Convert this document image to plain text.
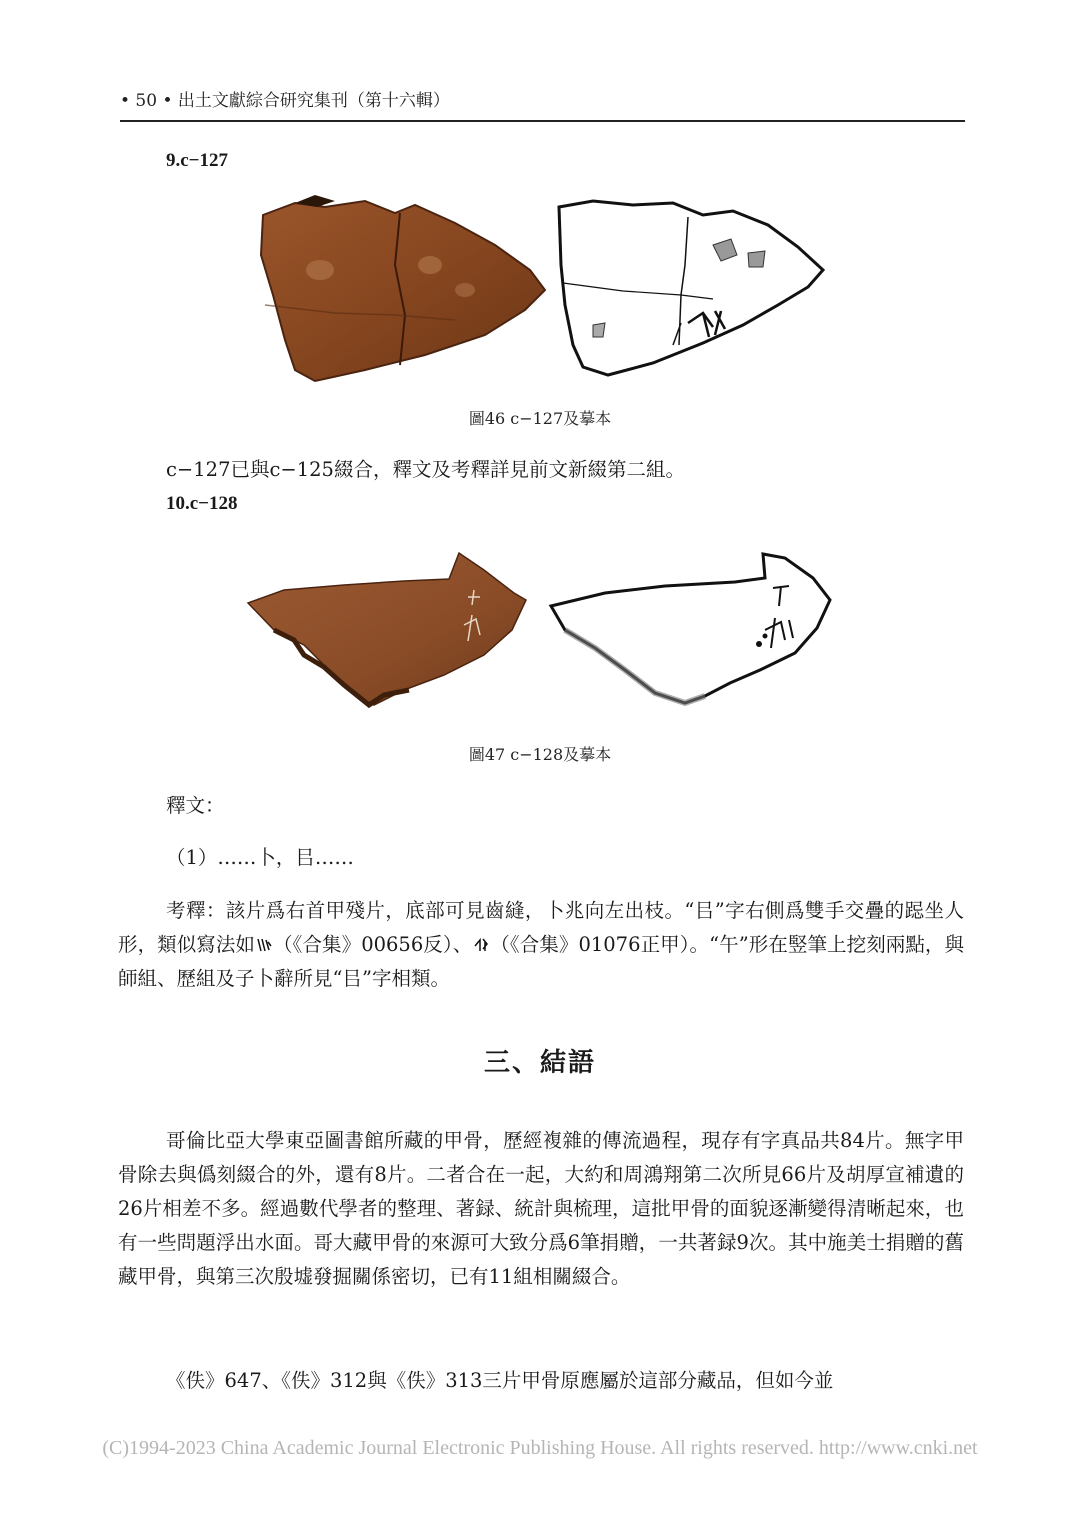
• 50 • 出土文獻綜合研究集刊（第十六輯）
9.c−127
圖46 c−127及摹本
c−127已與c−125綴合，釋文及考釋詳見前文新綴第二組。
10.c−128
圖47 c−128及摹本
釋文：
（1）……卜，㠯……
考釋：該片爲右首甲殘片，底部可見齒縫，卜兆向左出枝。“㠯”字右側爲雙手交疊的跽坐人形，類似寫法如 （《合集》00656反）、 （《合集》01076正甲）。“午”形在竪筆上挖刻兩點，與師組、歷組及子卜辭所見“㠯”字相類。
三、結語
哥倫比亞大學東亞圖書館所藏的甲骨，歷經複雜的傳流過程，現存有字真品共84片。無字甲骨除去與僞刻綴合的外，還有8片。二者合在一起，大約和周鴻翔第二次所見66片及胡厚宣補遺的26片相差不多。經過數代學者的整理、著録、統計與梳理，這批甲骨的面貌逐漸變得清晰起來，也有一些問題浮出水面。哥大藏甲骨的來源可大致分爲6筆捐贈，一共著録9次。其中施美士捐贈的舊藏甲骨，與第三次殷墟發掘關係密切，已有11組相關綴合。
《佚》647、《佚》312與《佚》313三片甲骨原應屬於這部分藏品，但如今並
(C)1994-2023 China Academic Journal Electronic Publishing House. All rights reserved. http://www.cnki.net
